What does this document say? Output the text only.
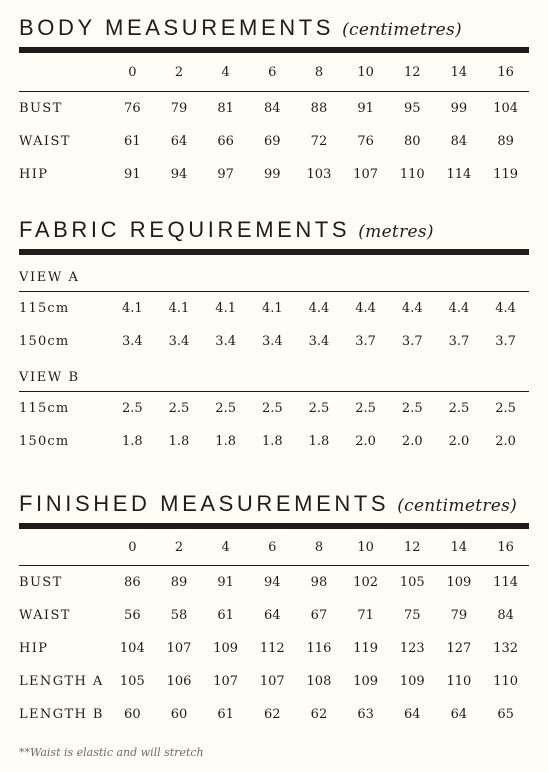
BODY MEASUREMENTS (centimetres)
	0	2	4	6	8	10	12	14	16
BUST	76	79	81	84	88	91	95	99	104
WAIST	61	64	66	69	72	76	80	84	89
HIP	91	94	97	99	103	107	110	114	119
FABRIC REQUIREMENTS (metres)
VIEW A
115cm	4.1	4.1	4.1	4.1	4.4	4.4	4.4	4.4	4.4
150cm	3.4	3.4	3.4	3.4	3.4	3.7	3.7	3.7	3.7
VIEW B
115cm	2.5	2.5	2.5	2.5	2.5	2.5	2.5	2.5	2.5
150cm	1.8	1.8	1.8	1.8	1.8	2.0	2.0	2.0	2.0
FINISHED MEASUREMENTS (centimetres)
	0	2	4	6	8	10	12	14	16
BUST	86	89	91	94	98	102	105	109	114
WAIST	56	58	61	64	67	71	75	79	84
HIP	104	107	109	112	116	119	123	127	132
LENGTH A	105	106	107	107	108	109	109	110	110
LENGTH B	60	60	61	62	62	63	64	64	65
**Waist is elastic and will stretch
